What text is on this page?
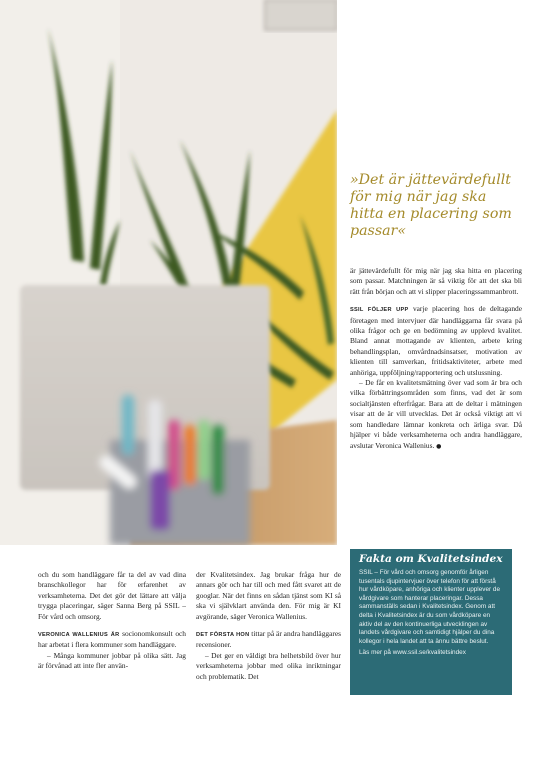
»Det är jättevärdefullt för mig när jag ska hitta en placering som passar«

är jättevärdefullt för mig när jag ska hitta en placering som passar. Matchningen är så viktig för att det ska bli rätt från början och att vi slipper placeringssammanbrott.

SSIL FÖLJER UPP varje placering hos de deltagande företagen med intervjuer där handläggarna får svara på olika frågor och ge en bedömning av upplevd kvalitet. Bland annat mottagande av klienten, arbete kring behandlingsplan, omvårdnadsinsatser, motivation av klienten till samverkan, fritidsaktiviteter, arbete med anhöriga, uppföljning/rapportering och utslussning.

– De får en kvalitetsmätning över vad som är bra och vilka förbättringsområden som finns, vad det är som socialtjänsten efterfrågar. Bara att de deltar i mätningen visar att de är vill utvecklas. Det är också viktigt att vi som handledare lämnar konkreta och ärliga svar. Då hjälper vi både verksamheterna och andra handläggare, avslutar Veronica Wallenius. ●

och du som handläggare får ta del av vad dina branschkollegor har för erfarenhet av verksamheterna. Det det gör det lättare att välja trygga placeringar, säger Sanna Berg på SSIL – För vård och omsorg.

VERONICA WALLENIUS ÄR socionomkonsult och har arbetat i flera kommuner som handläggare.

– Många kommuner jobbar på olika sätt. Jag är förvånad att inte fler använ-

der Kvalitetsindex. Jag brukar fråga hur de annars gör och har till och med fått svaret att de googlar. När det finns en sådan tjänst som KI så ska vi självklart använda den. För mig är KI avgörande, säger Veronica Wallenius.

DET FÖRSTA HON tittar på är andra handläggares recensioner.

– Det ger en väldigt bra helhetsbild över hur verksamheterna jobbar med olika inriktningar och problematik. Det

Fakta om Kvalitetsindex

SSIL – För vård och omsorg genomför årligen tusentals djupintervjuer över telefon för att förstå hur vårdköpare, anhöriga och klienter upplever de vårdgivare som hanterar placeringar. Dessa sammanställs sedan i Kvalitetsindex. Genom att delta i Kvalitetsindex är du som vårdköpare en aktiv del av den kontinuerliga utvecklingen av landets vårdgivare och samtidigt hjälper du dina kollegor i hela landet att ta ännu bättre beslut.

Läs mer på www.ssil.se/kvalitetsindex
